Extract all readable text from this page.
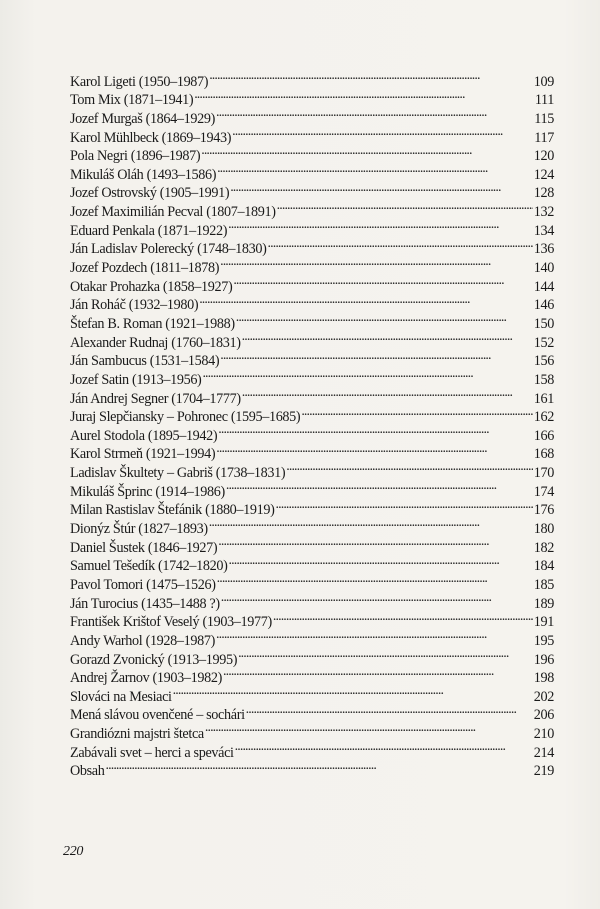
Karol Ligeti (1950–1987) . . .	109
Tom Mix (1871–1941) . . .	111
Jozef Murgaš (1864–1929) . . .	115
Karol Mühlbeck (1869–1943) . . .	117
Pola Negri (1896–1987) . . .	120
Mikuláš Oláh (1493–1586) . . .	124
Jozef Ostrovský (1905–1991) . . .	128
Jozef Maximilián Pecval (1807–1891) . . .	132
Eduard Penkala (1871–1922) . . .	134
Ján Ladislav Polerecký (1748–1830) . . .	136
Jozef Pozdech (1811–1878) . . .	140
Otakar Prohazka (1858–1927) . . .	144
Ján Roháč (1932–1980) . . .	146
Štefan B. Roman (1921–1988) . . .	150
Alexander Rudnaj (1760–1831) . . .	152
Ján Sambucus (1531–1584) . . .	156
Jozef Satin (1913–1956) . . .	158
Ján Andrej Segner (1704–1777) . . .	161
Juraj Slepčiansky – Pohronec (1595–1685) . . .	162
Aurel Stodola (1895–1942) . . .	166
Karol Strmeň (1921–1994) . . .	168
Ladislav Škultety – Gabriš (1738–1831) . . .	170
Mikuláš Šprinc (1914–1986) . . .	174
Milan Rastislav Štefánik (1880–1919) . . .	176
Dionýz Štúr (1827–1893) . . .	180
Daniel Šustek (1846–1927) . . .	182
Samuel Tešedík (1742–1820) . . .	184
Pavol Tomori (1475–1526) . . .	185
Ján Turocius (1435–1488 ?) . . .	189
František Krištof Veselý (1903–1977) . . .	191
Andy Warhol (1928–1987) . . .	195
Gorazd Zvonický (1913–1995) . . .	196
Andrej Žarnov (1903–1982) . . .	198
Slováci na Mesiaci . . .	202
Mená slávou ovenčené – sochári . . .	206
Grandiózni majstri štetca . . .	210
Zabávali svet – herci a speváci . . .	214
Obsah . . .	219
220
